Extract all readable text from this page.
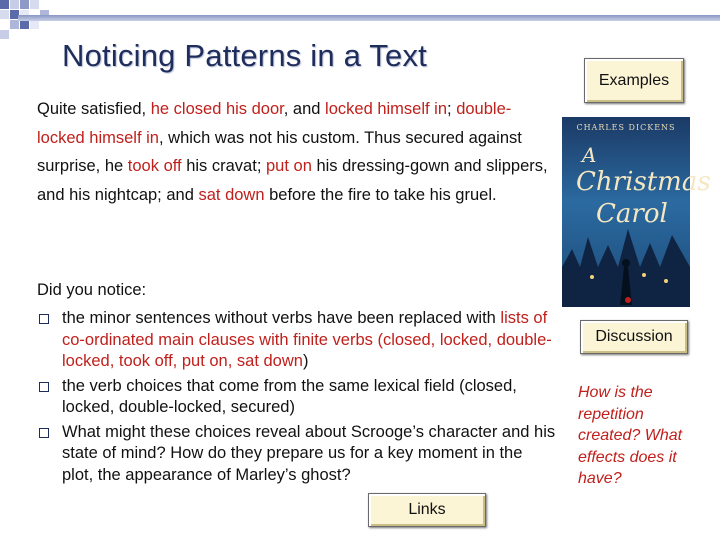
Noticing Patterns in a Text
Examples
Quite satisfied, he closed his door, and locked himself in; double-locked himself in, which was not his custom. Thus secured against surprise, he took off his cravat; put on his dressing-gown and slippers, and his nightcap; and sat down before the fire to take his gruel.
CHARLES DICKENS
A
Christmas
Carol
Discussion
Did you notice:
the minor sentences without verbs have been replaced with lists of co-ordinated main clauses with finite verbs (closed, locked, double-locked, took off, put on, sat down)
the verb choices that come from the same lexical field (closed, locked, double-locked, secured)
What might these choices reveal about Scrooge’s character and his state of mind? How do they prepare us for a key moment in the plot, the appearance of Marley’s ghost?
How is the repetition created? What effects does it have?
Links
